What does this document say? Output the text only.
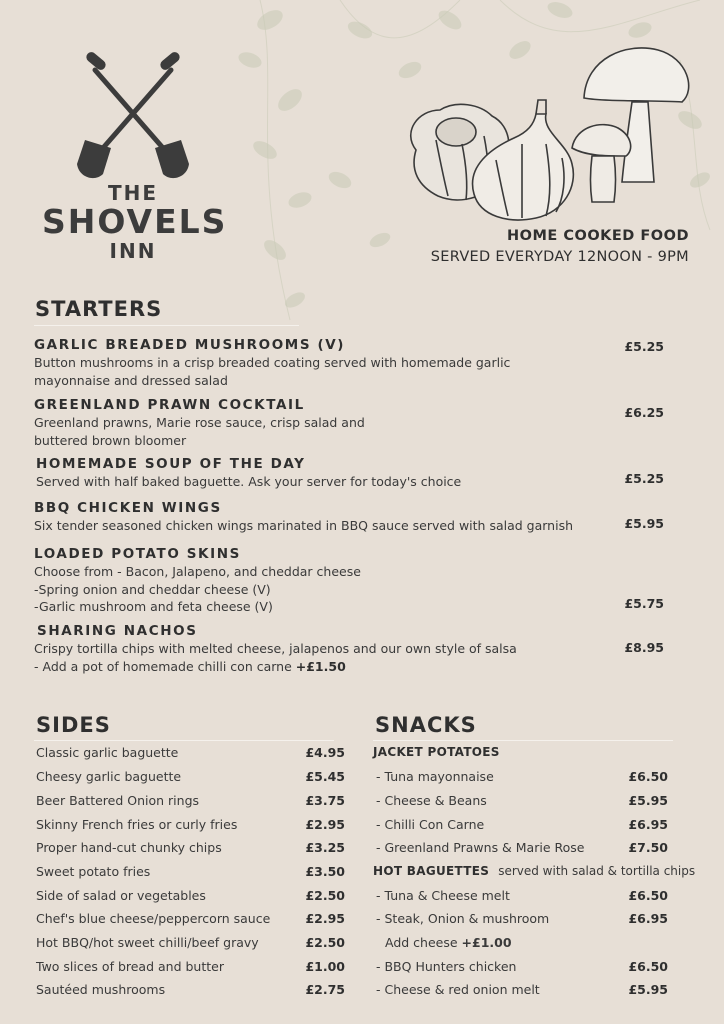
THE
SHOVELS
INN
HOME COOKED FOOD
SERVED EVERYDAY 12NOON - 9PM
STARTERS
GARLIC BREADED MUSHROOMS (V)
Button mushrooms in a crisp breaded coating served with homemade garlic
mayonnaise and dressed salad
£5.25
GREENLAND PRAWN COCKTAIL
Greenland prawns, Marie rose sauce, crisp salad and
buttered brown bloomer
£6.25
HOMEMADE SOUP OF THE DAY
Served with half baked baguette. Ask your server for today's choice	£5.25
BBQ CHICKEN WINGS
Six tender seasoned chicken wings marinated in BBQ sauce served with salad garnish	£5.95
LOADED POTATO SKINS
Choose from - Bacon, Jalapeno, and cheddar cheese
-Spring onion and cheddar cheese (V)
-Garlic mushroom and feta cheese (V)	£5.75
SHARING NACHOS
Crispy tortilla chips with melted cheese, jalapenos and our own style of salsa
- Add a pot of homemade chilli con carne +£1.50
£8.95
SIDES
Classic garlic baguette	£4.95
Cheesy garlic baguette	£5.45
Beer Battered Onion rings	£3.75
Skinny French fries or curly fries	£2.95
Proper hand-cut chunky chips	£3.25
Sweet potato fries	£3.50
Side of salad or vegetables	£2.50
Chef's blue cheese/peppercorn sauce	£2.95
Hot BBQ/hot sweet chilli/beef gravy	£2.50
Two slices of bread and butter	£1.00
Sautéed mushrooms	£2.75
SNACKS
JACKET POTATOES
- Tuna mayonnaise	£6.50
- Cheese & Beans	£5.95
- Chilli Con Carne	£6.95
- Greenland Prawns & Marie Rose	£7.50
HOT BAGUETTES served with salad & tortilla chips
- Tuna & Cheese melt	£6.50
- Steak, Onion & mushroom	£6.95
Add cheese +£1.00
- BBQ Hunters chicken	£6.50
- Cheese & red onion melt	£5.95
